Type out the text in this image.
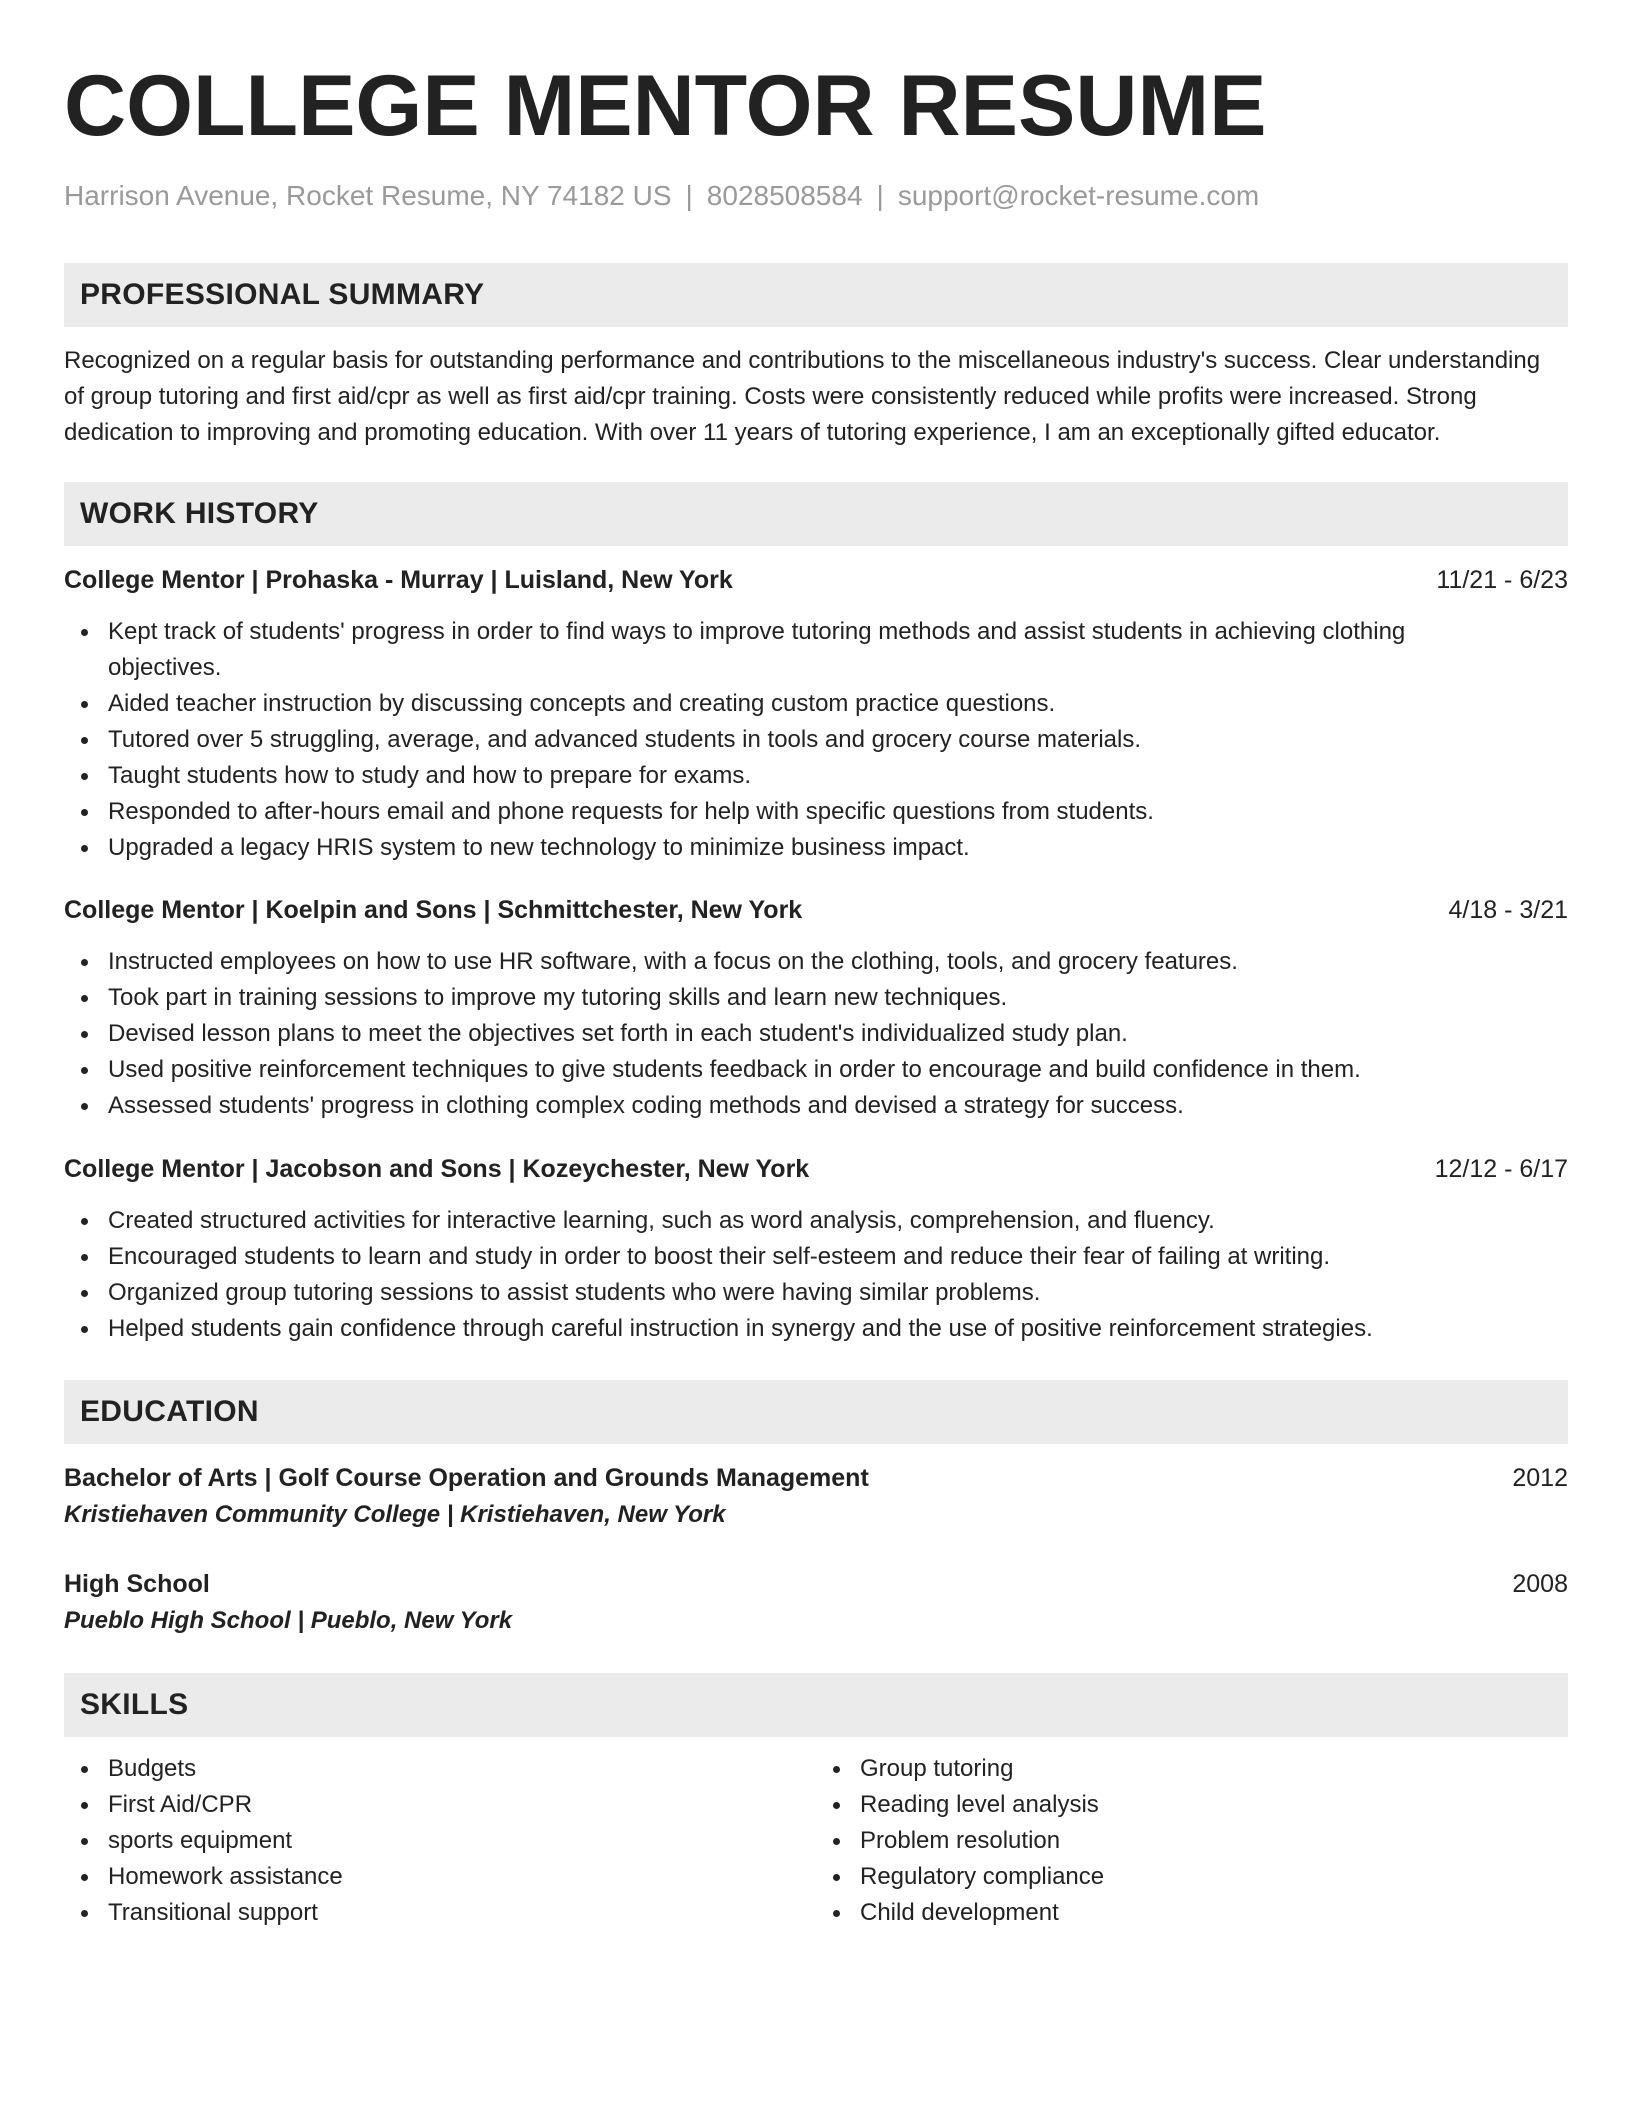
COLLEGE MENTOR RESUME
Harrison Avenue, Rocket Resume, NY 74182 US | 8028508584 | support@rocket-resume.com
PROFESSIONAL SUMMARY
Recognized on a regular basis for outstanding performance and contributions to the miscellaneous industry's success. Clear understanding of group tutoring and first aid/cpr as well as first aid/cpr training. Costs were consistently reduced while profits were increased. Strong dedication to improving and promoting education. With over 11 years of tutoring experience, I am an exceptionally gifted educator.
WORK HISTORY
College Mentor | Prohaska - Murray | Luisland, New York	11/21 - 6/23
Kept track of students' progress in order to find ways to improve tutoring methods and assist students in achieving clothing objectives.
Aided teacher instruction by discussing concepts and creating custom practice questions.
Tutored over 5 struggling, average, and advanced students in tools and grocery course materials.
Taught students how to study and how to prepare for exams.
Responded to after-hours email and phone requests for help with specific questions from students.
Upgraded a legacy HRIS system to new technology to minimize business impact.
College Mentor | Koelpin and Sons | Schmittchester, New York	4/18 - 3/21
Instructed employees on how to use HR software, with a focus on the clothing, tools, and grocery features.
Took part in training sessions to improve my tutoring skills and learn new techniques.
Devised lesson plans to meet the objectives set forth in each student's individualized study plan.
Used positive reinforcement techniques to give students feedback in order to encourage and build confidence in them.
Assessed students' progress in clothing complex coding methods and devised a strategy for success.
College Mentor | Jacobson and Sons | Kozeychester, New York	12/12 - 6/17
Created structured activities for interactive learning, such as word analysis, comprehension, and fluency.
Encouraged students to learn and study in order to boost their self-esteem and reduce their fear of failing at writing.
Organized group tutoring sessions to assist students who were having similar problems.
Helped students gain confidence through careful instruction in synergy and the use of positive reinforcement strategies.
EDUCATION
Bachelor of Arts | Golf Course Operation and Grounds Management	2012
Kristiehaven Community College | Kristiehaven, New York
High School	2008
Pueblo High School | Pueblo, New York
SKILLS
Budgets
First Aid/CPR
sports equipment
Homework assistance
Transitional support
Group tutoring
Reading level analysis
Problem resolution
Regulatory compliance
Child development
